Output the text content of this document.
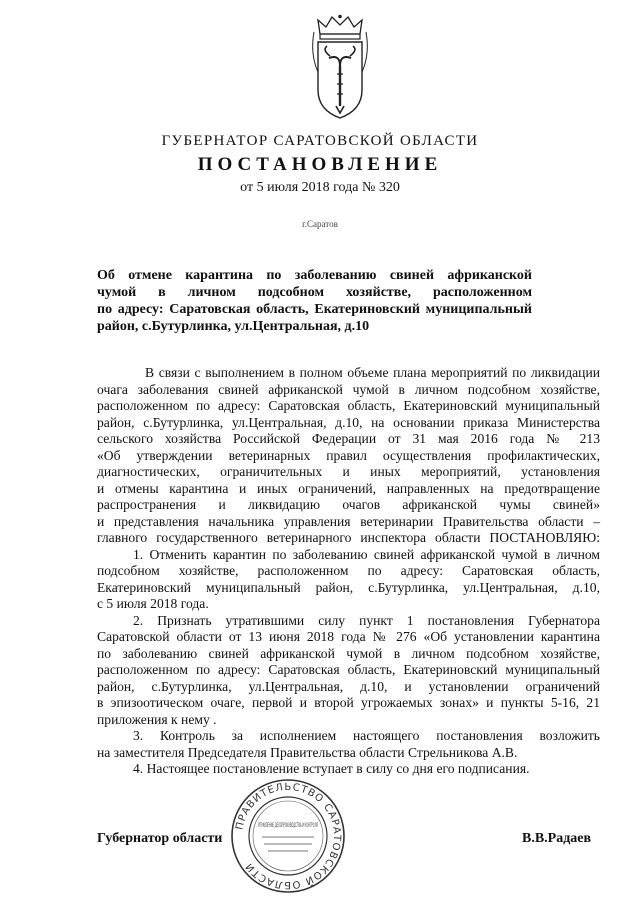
ГУБЕРНАТОР САРАТОВСКОЙ ОБЛАСТИ
ПОСТАНОВЛЕНИЕ
от 5 июля 2018 года № 320
г.Саратов
Об отмене карантина по заболеванию свиней африканской
чумой в личном подсобном хозяйстве, расположенном
по адресу: Саратовская область, Екатериновский муниципальный
район, с.Бутурлинка, ул.Центральная, д.10
В связи с выполнением в полном объеме плана мероприятий по ликвидации
очага заболевания свиней африканской чумой в личном подсобном хозяйстве,
расположенном по адресу: Саратовская область, Екатериновский муниципальный
район, с.Бутурлинка, ул.Центральная, д.10, на основании приказа Министерства
сельского хозяйства Российской Федерации от 31 мая 2016 года № 213
«Об утверждении ветеринарных правил осуществления профилактических,
диагностических, ограничительных и иных мероприятий, установления
и отмены карантина и иных ограничений, направленных на предотвращение
распространения и ликвидацию очагов африканской чумы свиней»
и представления начальника управления ветеринарии Правительства области –
главного государственного ветеринарного инспектора области ПОСТАНОВЛЯЮ:
1. Отменить карантин по заболеванию свиней африканской чумой в личном
подсобном хозяйстве, расположенном по адресу: Саратовская область,
Екатериновский муниципальный район, с.Бутурлинка, ул.Центральная, д.10,
с 5 июля 2018 года.
2. Признать утратившими силу пункт 1 постановления Губернатора
Саратовской области от 13 июня 2018 года № 276 «Об установлении карантина
по заболеванию свиней африканской чумой в личном подсобном хозяйстве,
расположенном по адресу: Саратовская область, Екатериновский муниципальный
район, с.Бутурлинка, ул.Центральная, д.10, и установлении ограничений
в эпизоотическом очаге, первой и второй угрожаемых зонах» и пункты 5-16, 21
приложения к нему .
3. Контроль за исполнением настоящего постановления возложить
на заместителя Председателя Правительства области Стрельникова А.В.
4. Настоящее постановление вступает в силу со дня его подписания.
ПРАВИТЕЛЬСТВО САРАТОВСКОЙ ОБЛАСТИ
УПРАВЛЕНИЕ ДЕЛОПРОИЗВОДСТВА И КОНТРОЛЯ
Губернатор области	В.В.Радаев
